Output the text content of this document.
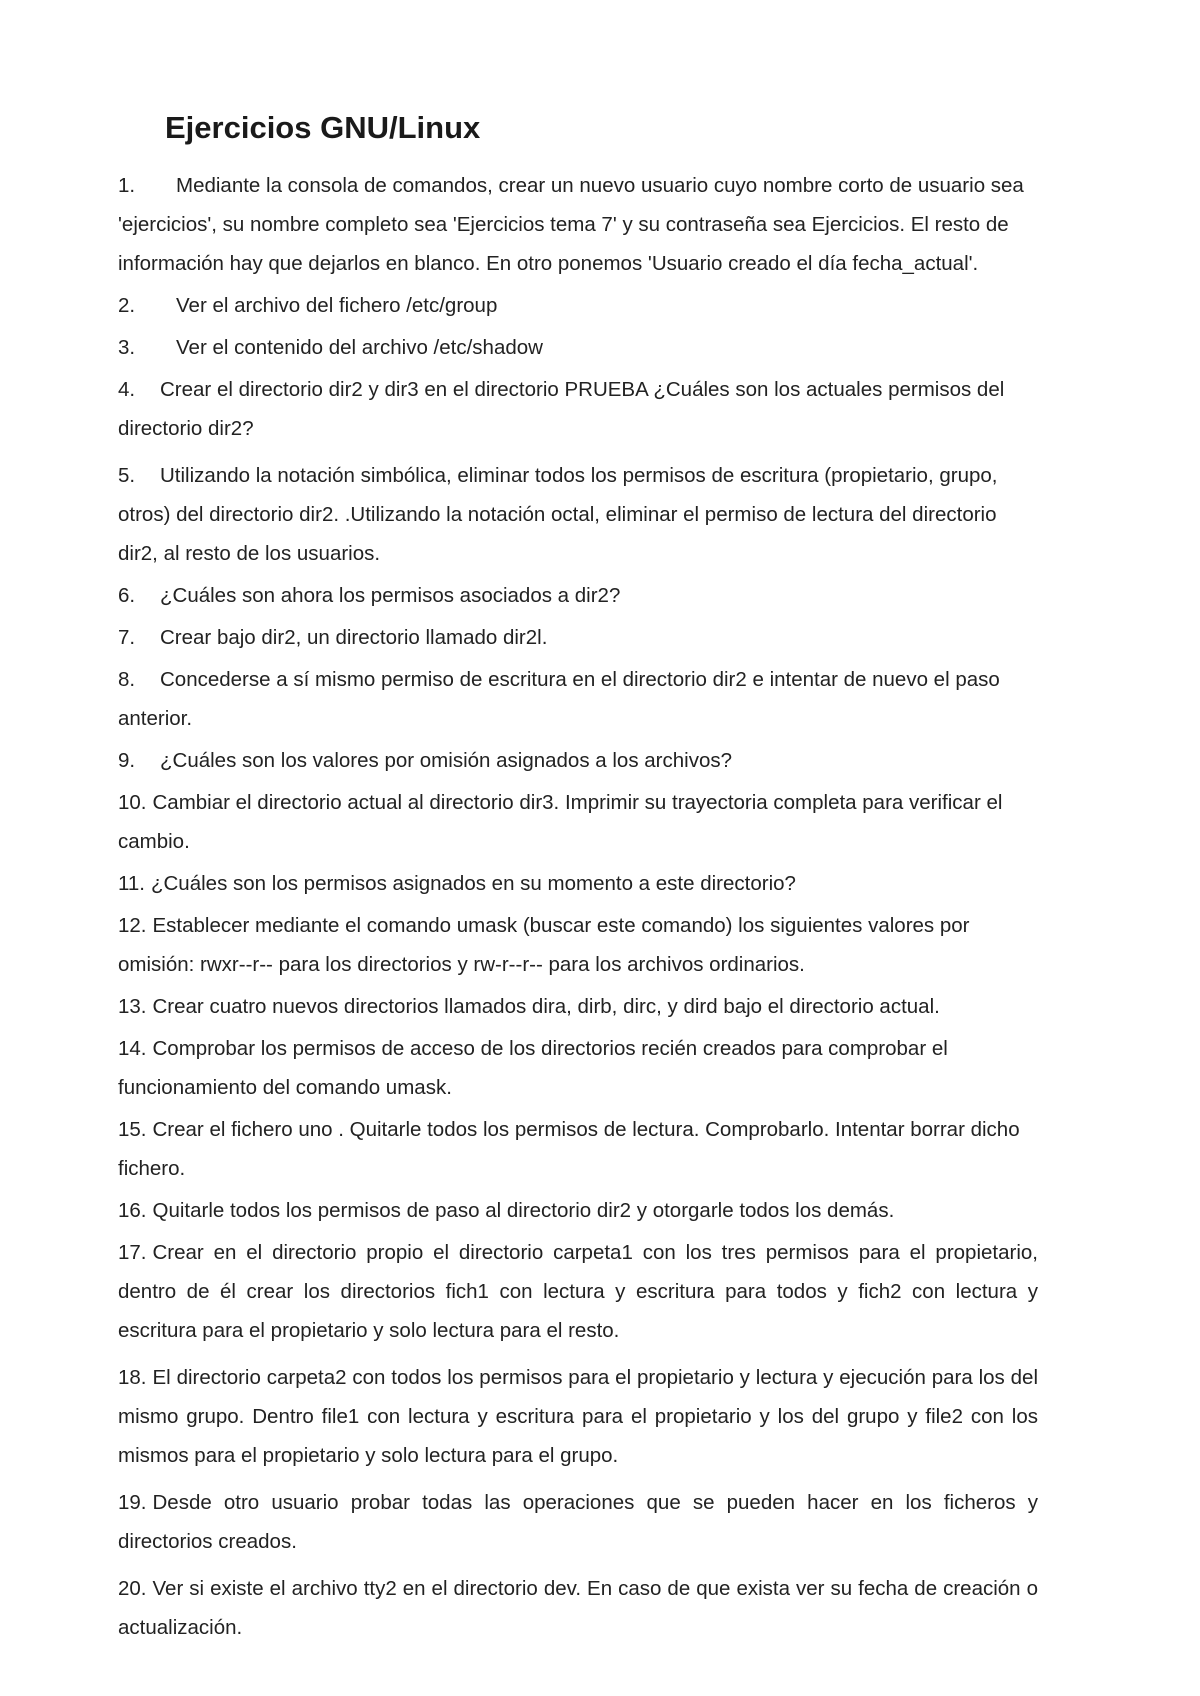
Ejercicios GNU/Linux
1. Mediante la consola de comandos, crear un nuevo usuario cuyo nombre corto de usuario sea 'ejercicios', su nombre completo sea 'Ejercicios tema 7' y su contraseña sea Ejercicios. El resto de información hay que dejarlos en blanco. En otro ponemos 'Usuario creado el día fecha_actual'.
2. Ver el archivo del fichero /etc/group
3. Ver el contenido del archivo /etc/shadow
4. Crear el directorio dir2 y dir3 en el directorio PRUEBA ¿Cuáles son los actuales permisos del directorio dir2?
5. Utilizando la notación simbólica, eliminar todos los permisos de escritura (propietario, grupo, otros) del directorio dir2. .Utilizando la notación octal, eliminar el permiso de lectura del directorio dir2, al resto de los usuarios.
6. ¿Cuáles son ahora los permisos asociados a dir2?
7. Crear bajo dir2, un directorio llamado dir2l.
8. Concederse a sí mismo permiso de escritura en el directorio dir2 e intentar de nuevo el paso anterior.
9. ¿Cuáles son los valores por omisión asignados a los archivos?
10. Cambiar el directorio actual al directorio dir3. Imprimir su trayectoria completa para verificar el cambio.
11. ¿Cuáles son los permisos asignados en su momento a este directorio?
12. Establecer mediante el comando umask (buscar este comando) los siguientes valores por omisión: rwxr--r-- para los directorios y rw-r--r-- para los archivos ordinarios.
13. Crear cuatro nuevos directorios llamados dira, dirb, dirc, y dird bajo el directorio actual.
14. Comprobar los permisos de acceso de los directorios recién creados para comprobar el funcionamiento del comando umask.
15. Crear el fichero uno . Quitarle todos los permisos de lectura. Comprobarlo. Intentar borrar dicho fichero.
16. Quitarle todos los permisos de paso al directorio dir2 y otorgarle todos los demás.
17. Crear en el directorio propio el directorio carpeta1 con los tres permisos para el propietario, dentro de él crear los directorios fich1 con lectura y escritura para todos y fich2 con lectura y escritura para el propietario y solo lectura para el resto.
18. El directorio carpeta2 con todos los permisos para el propietario y lectura y ejecución para los del mismo grupo. Dentro file1 con lectura y escritura para el propietario y los del grupo y file2 con los mismos para el propietario y solo lectura para el grupo.
19. Desde otro usuario probar todas las operaciones que se pueden hacer en los ficheros y directorios creados.
20. Ver si existe el archivo tty2 en el directorio dev. En caso de que exista ver su fecha de creación o actualización.
